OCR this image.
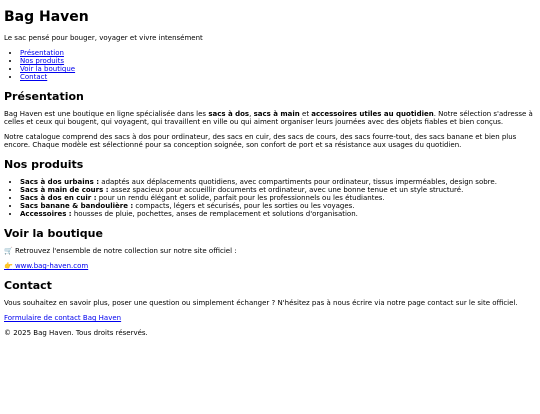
Bag Haven

Le sac pensé pour bouger, voyager et vivre intensément

• Présentation
• Nos produits
• Voir la boutique
• Contact
Présentation

Bag Haven est une boutique en ligne spécialisée dans les sacs à dos, sacs à main et accessoires utiles au quotidien. Notre sélection s'adresse à celles et ceux qui bougent, qui voyagent, qui travaillent en ville ou qui aiment organiser leurs journées avec des objets fiables et bien conçus.

Notre catalogue comprend des sacs à dos pour ordinateur, des sacs en cuir, des sacs de cours, des sacs fourre-tout, des sacs banane et bien plus encore. Chaque modèle est sélectionné pour sa conception soignée, son confort de port et sa résistance aux usages du quotidien.

Nos produits
• Sacs à dos urbains : adaptés aux déplacements quotidiens, avec compartiments pour ordinateur, tissus imperméables, design sobre.
• Sacs à main de cours : assez spacieux pour accueillir documents et ordinateur, avec une bonne tenue et un style structuré.
• Sacs à dos en cuir : pour un rendu élégant et solide, parfait pour les professionnels ou les étudiantes.
• Sacs banane & bandoulière : compacts, légers et sécurisés, pour les sorties ou les voyages.
• Accessoires : housses de pluie, pochettes, anses de remplacement et solutions d'organisation.
Voir la boutique

🛒 Retrouvez l'ensemble de notre collection sur notre site officiel :

👉 www.bag-haven.com

Contact

Vous souhaitez en savoir plus, poser une question ou simplement échanger ? N'hésitez pas à nous écrire via notre page contact sur le site officiel.

Formulaire de contact Bag Haven

© 2025 Bag Haven. Tous droits réservés.
